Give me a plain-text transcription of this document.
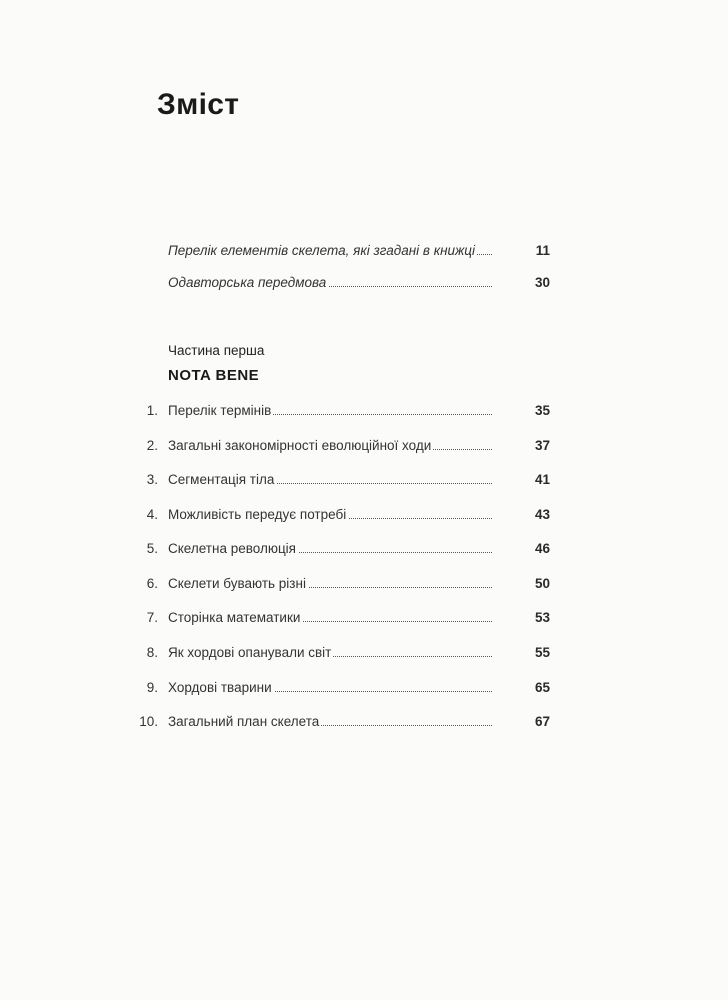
Зміст
Перелік елементів скелета, які згадані в книжці	11
Одавторська передмова	30
Частина перша
NOTA BENE
1. Перелік термінів	35
2. Загальні закономірності еволюційної ходи	37
3. Сегментація тіла	41
4. Можливість передує потребі	43
5. Скелетна революція	46
6. Скелети бувають різні	50
7. Сторінка математики	53
8. Як хордові опанували світ	55
9. Хордові тварини	65
10. Загальний план скелета	67
